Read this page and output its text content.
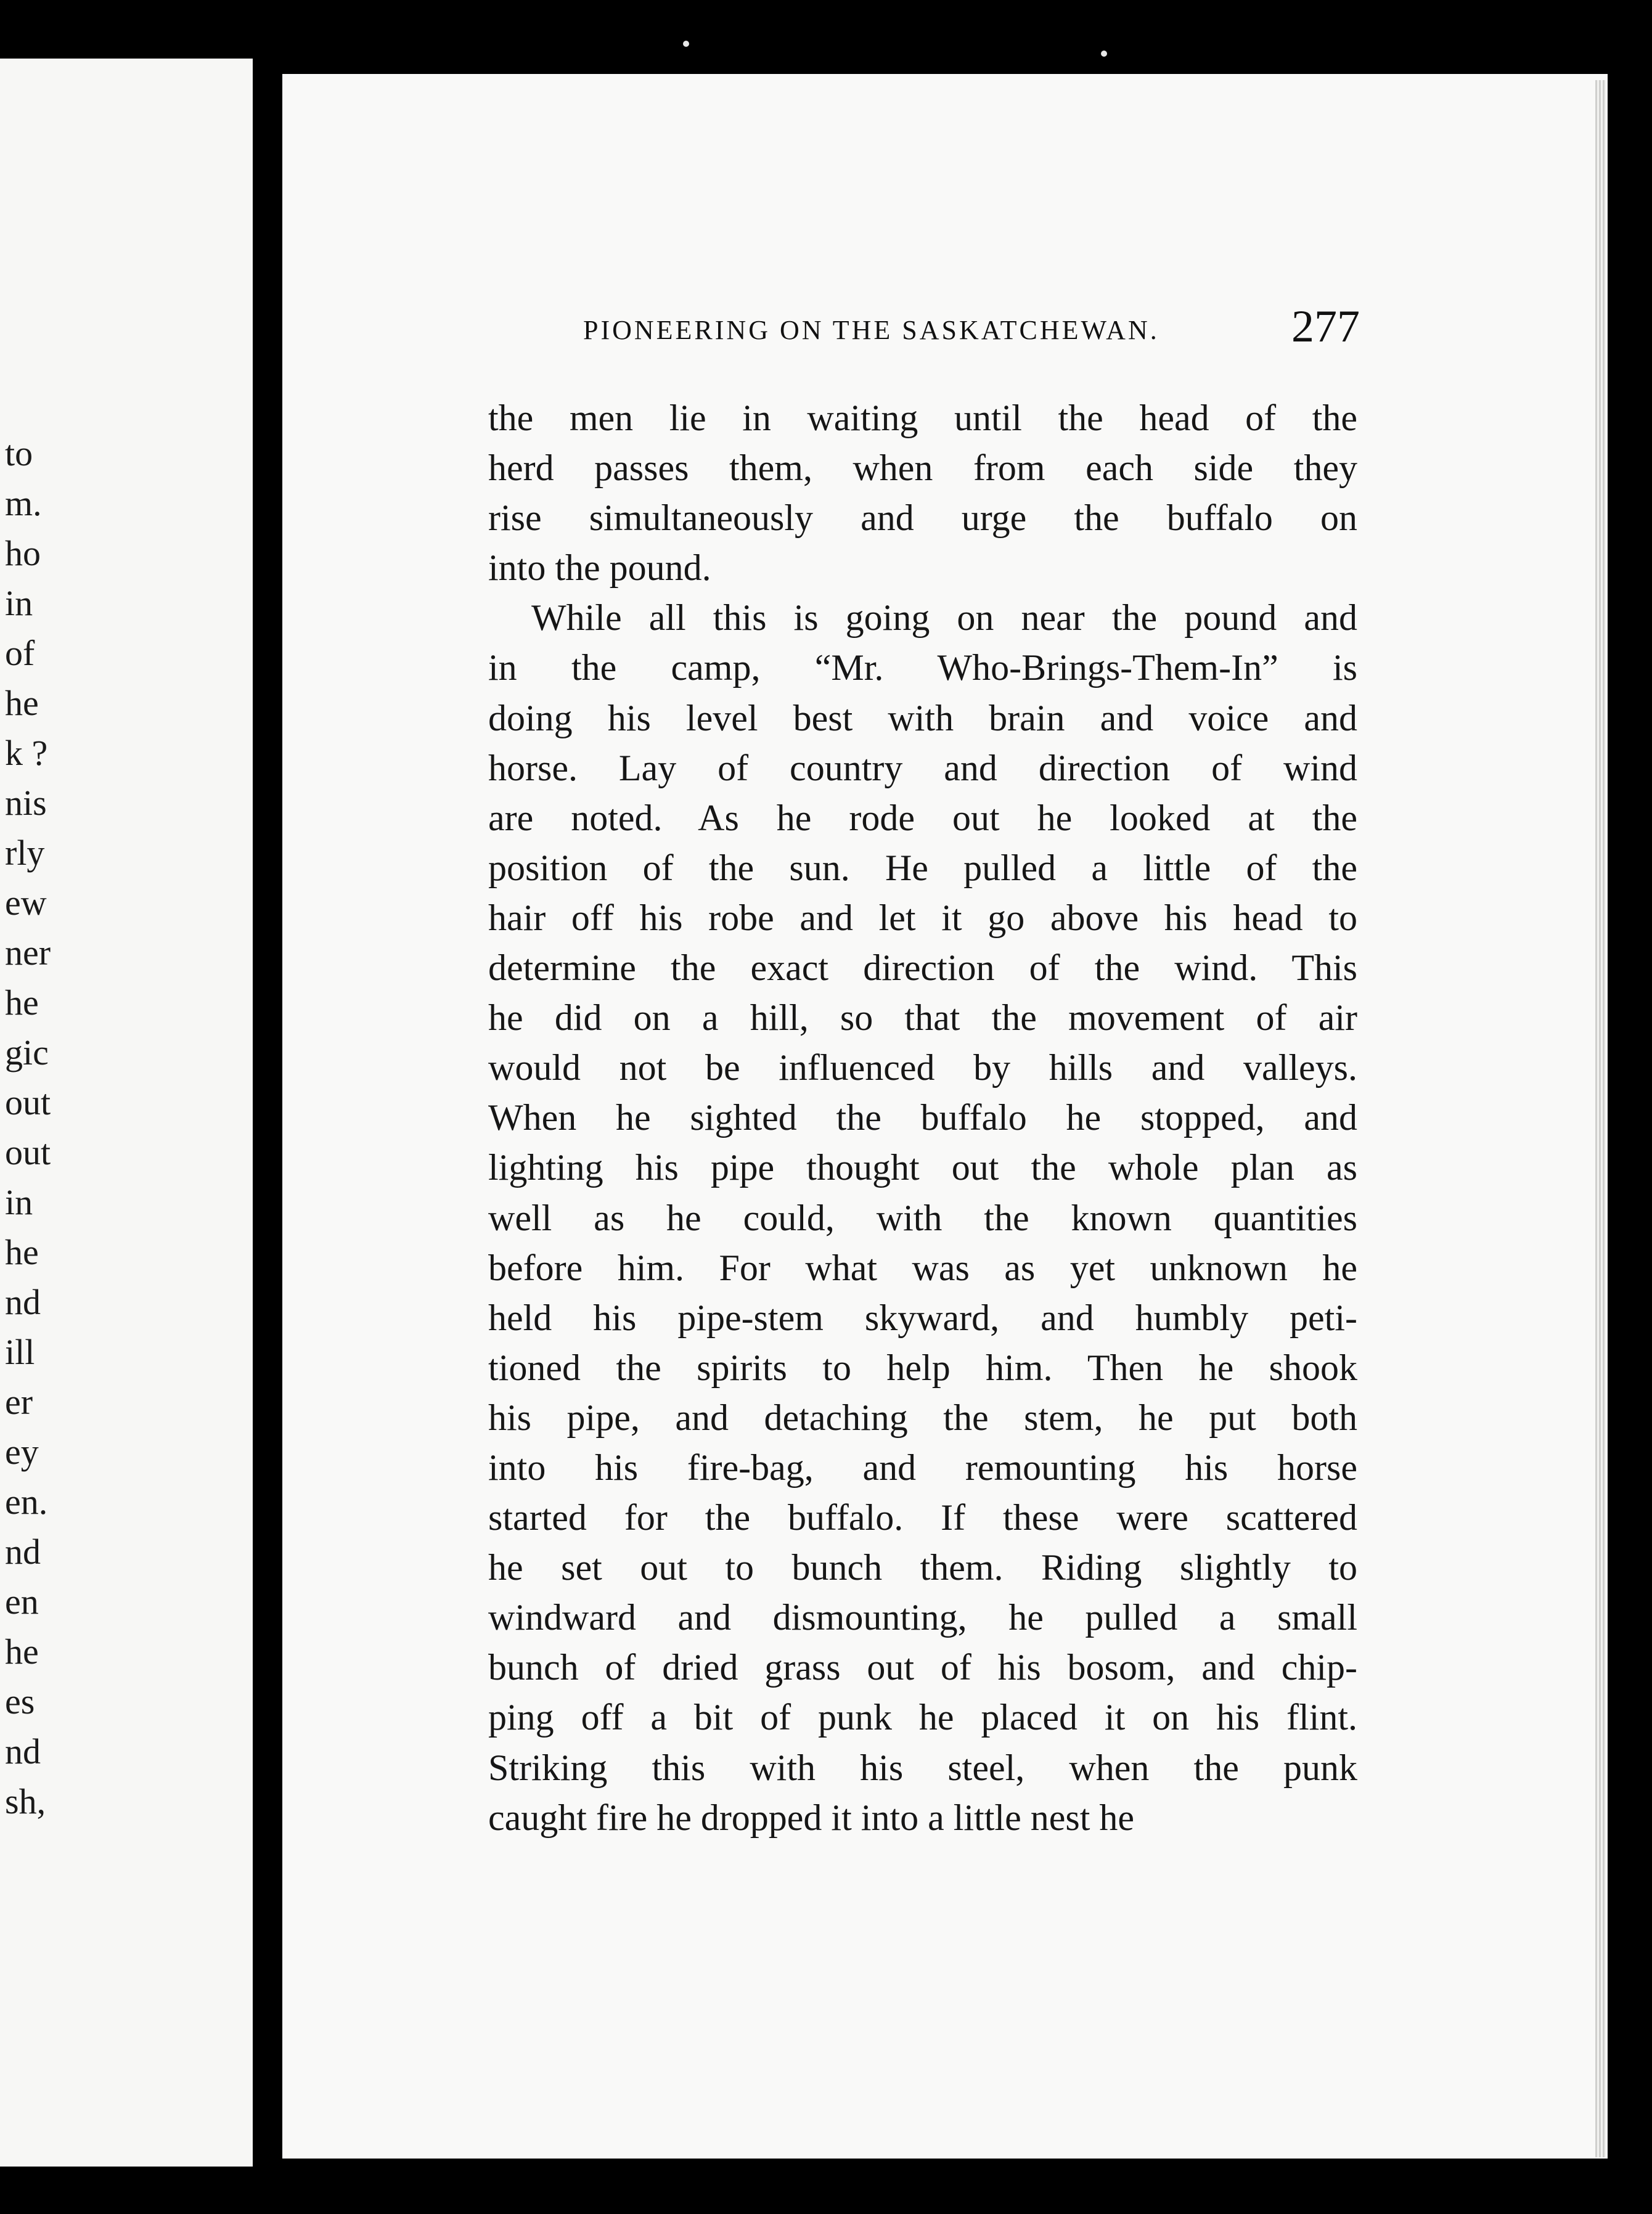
to
m.
ho
in
of
he
k ?
nis
rly
ew
ner
he
gic
out
out
in
he
nd
ill
er
ey
en.
nd
en
he
es
nd
sh,
PIONEERING ON THE SASKATCHEWAN.	277
the men lie in waiting until the head of the
herd passes them, when from each side they
rise simultaneously and urge the buffalo on
into the pound.
While all this is going on near the pound and
in the camp, “Mr. Who-Brings-Them-In” is
doing his level best with brain and voice and
horse. Lay of country and direction of wind
are noted. As he rode out he looked at the
position of the sun. He pulled a little of the
hair off his robe and let it go above his head to
determine the exact direction of the wind. This
he did on a hill, so that the movement of air
would not be influenced by hills and valleys.
When he sighted the buffalo he stopped, and
lighting his pipe thought out the whole plan as
well as he could, with the known quantities
before him. For what was as yet unknown he
held his pipe-stem skyward, and humbly peti-
tioned the spirits to help him. Then he shook
his pipe, and detaching the stem, he put both
into his fire-bag, and remounting his horse
started for the buffalo. If these were scattered
he set out to bunch them. Riding slightly to
windward and dismounting, he pulled a small
bunch of dried grass out of his bosom, and chip-
ping off a bit of punk he placed it on his flint.
Striking this with his steel, when the punk
caught fire he dropped it into a little nest he
